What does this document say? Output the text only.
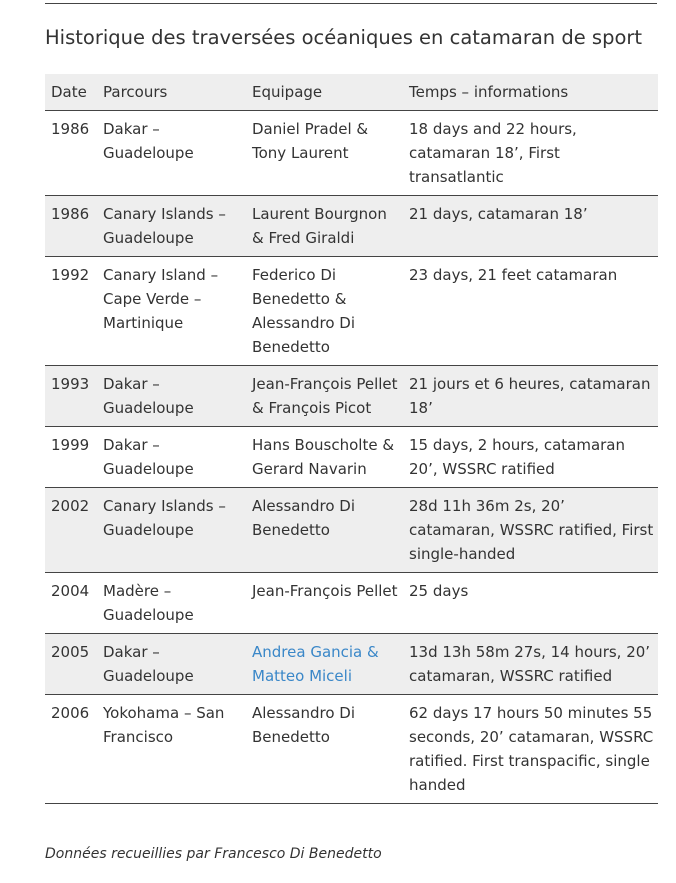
Historique des traversées océaniques en catamaran de sport
Date	Parcours	Equipage	Temps – informations
1986	Dakar – Guadeloupe	Daniel Pradel & Tony Laurent	18 days and 22 hours, catamaran 18’, First transatlantic
1986	Canary Islands – Guadeloupe	Laurent Bourgnon & Fred Giraldi	21 days, catamaran 18’
1992	Canary Island – Cape Verde – Martinique	Federico Di Benedetto & Alessandro Di Benedetto	23 days, 21 feet catamaran
1993	Dakar – Guadeloupe	Jean-François Pellet & François Picot	21 jours et 6 heures, catamaran 18’
1999	Dakar – Guadeloupe	Hans Bouscholte & Gerard Navarin	15 days, 2 hours, catamaran 20’, WSSRC ratified
2002	Canary Islands – Guadeloupe	Alessandro Di Benedetto	28d 11h 36m 2s, 20’ catamaran, WSSRC ratified, First single-handed
2004	Madère – Guadeloupe	Jean-François Pellet	25 days
2005	Dakar – Guadeloupe	Andrea Gancia & Matteo Miceli	13d 13h 58m 27s, 14 hours, 20’ catamaran, WSSRC ratified
2006	Yokohama – San Francisco	Alessandro Di Benedetto	62 days 17 hours 50 minutes 55 seconds, 20’ catamaran, WSSRC ratified. First transpacific, single handed
Données recueillies par Francesco Di Benedetto
